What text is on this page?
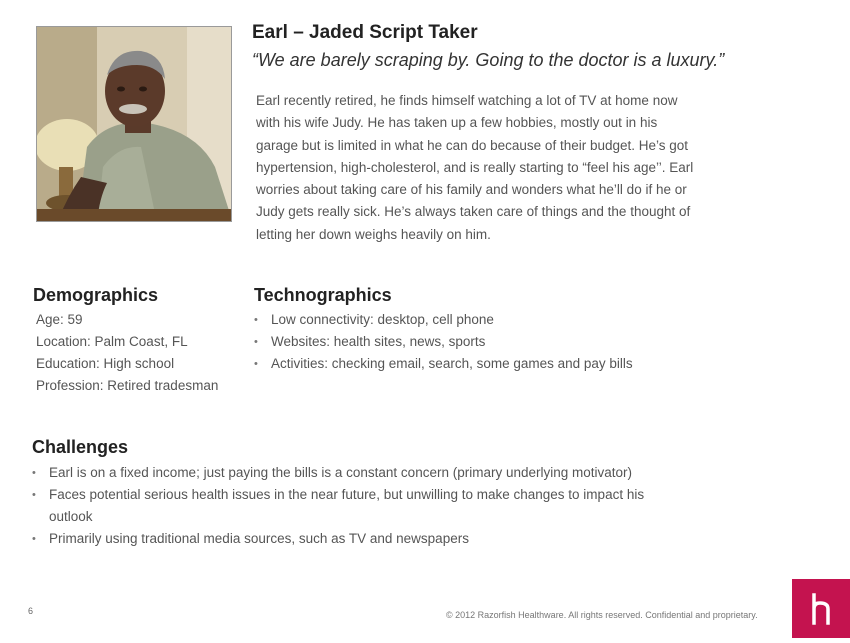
Earl – Jaded Script Taker
“We are barely scraping by. Going to the doctor is a luxury.”
Earl recently retired, he finds himself watching a lot of TV at home now
with his wife Judy. He has taken up a few hobbies, mostly out in his
garage but is limited in what he can do because of their budget. He’s got
hypertension, high-cholesterol, and is really starting to “feel his age’’. Earl
worries about taking care of his family and wonders what he’ll do if he or
Judy gets really sick. He’s always taken care of things and the thought of
letting her down weighs heavily on him.
Demographics
Age: 59
Location: Palm Coast, FL
Education: High school
Profession: Retired tradesman
Technographics
• Low connectivity: desktop, cell phone
• Websites: health sites, news, sports
• Activities: checking email, search, some games and pay bills
Challenges
• Earl is on a fixed income; just paying the bills is a constant concern (primary underlying motivator)
• Faces potential serious health issues in the near future, but unwilling to make changes to impact his
outlook
• Primarily using traditional media sources, such as TV and newspapers
6	© 2012 Razorfish Healthware. All rights reserved. Confidential and proprietary.
